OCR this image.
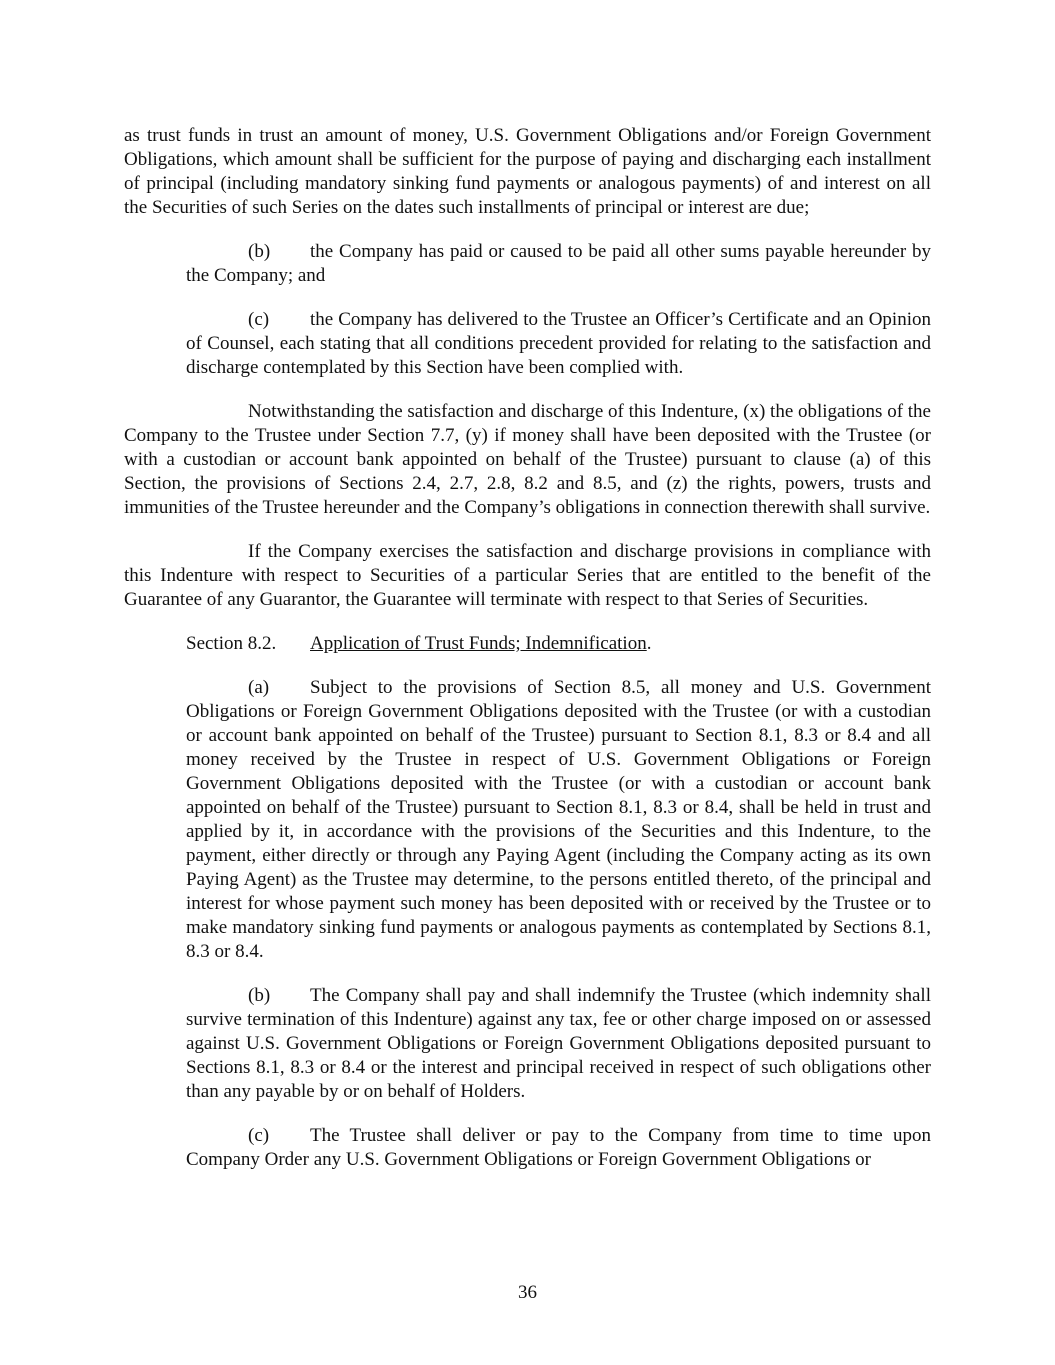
as trust funds in trust an amount of money, U.S. Government Obligations and/or Foreign Government Obligations, which amount shall be sufficient for the purpose of paying and discharging each installment of principal (including mandatory sinking fund payments or analogous payments) of and interest on all the Securities of such Series on the dates such installments of principal or interest are due;

(b) the Company has paid or caused to be paid all other sums payable hereunder by the Company; and

(c) the Company has delivered to the Trustee an Officer’s Certificate and an Opinion of Counsel, each stating that all conditions precedent provided for relating to the satisfaction and discharge contemplated by this Section have been complied with.

Notwithstanding the satisfaction and discharge of this Indenture, (x) the obligations of the Company to the Trustee under Section 7.7, (y) if money shall have been deposited with the Trustee (or with a custodian or account bank appointed on behalf of the Trustee) pursuant to clause (a) of this Section, the provisions of Sections 2.4, 2.7, 2.8, 8.2 and 8.5, and (z) the rights, powers, trusts and immunities of the Trustee hereunder and the Company’s obligations in connection therewith shall survive.

If the Company exercises the satisfaction and discharge provisions in compliance with this Indenture with respect to Securities of a particular Series that are entitled to the benefit of the Guarantee of any Guarantor, the Guarantee will terminate with respect to that Series of Securities.

Section 8.2. Application of Trust Funds; Indemnification.

(a) Subject to the provisions of Section 8.5, all money and U.S. Government Obligations or Foreign Government Obligations deposited with the Trustee (or with a custodian or account bank appointed on behalf of the Trustee) pursuant to Section 8.1, 8.3 or 8.4 and all money received by the Trustee in respect of U.S. Government Obligations or Foreign Government Obligations deposited with the Trustee (or with a custodian or account bank appointed on behalf of the Trustee) pursuant to Section 8.1, 8.3 or 8.4, shall be held in trust and applied by it, in accordance with the provisions of the Securities and this Indenture, to the payment, either directly or through any Paying Agent (including the Company acting as its own Paying Agent) as the Trustee may determine, to the persons entitled thereto, of the principal and interest for whose payment such money has been deposited with or received by the Trustee or to make mandatory sinking fund payments or analogous payments as contemplated by Sections 8.1, 8.3 or 8.4.

(b) The Company shall pay and shall indemnify the Trustee (which indemnity shall survive termination of this Indenture) against any tax, fee or other charge imposed on or assessed against U.S. Government Obligations or Foreign Government Obligations deposited pursuant to Sections 8.1, 8.3 or 8.4 or the interest and principal received in respect of such obligations other than any payable by or on behalf of Holders.

(c) The Trustee shall deliver or pay to the Company from time to time upon Company Order any U.S. Government Obligations or Foreign Government Obligations or

36
